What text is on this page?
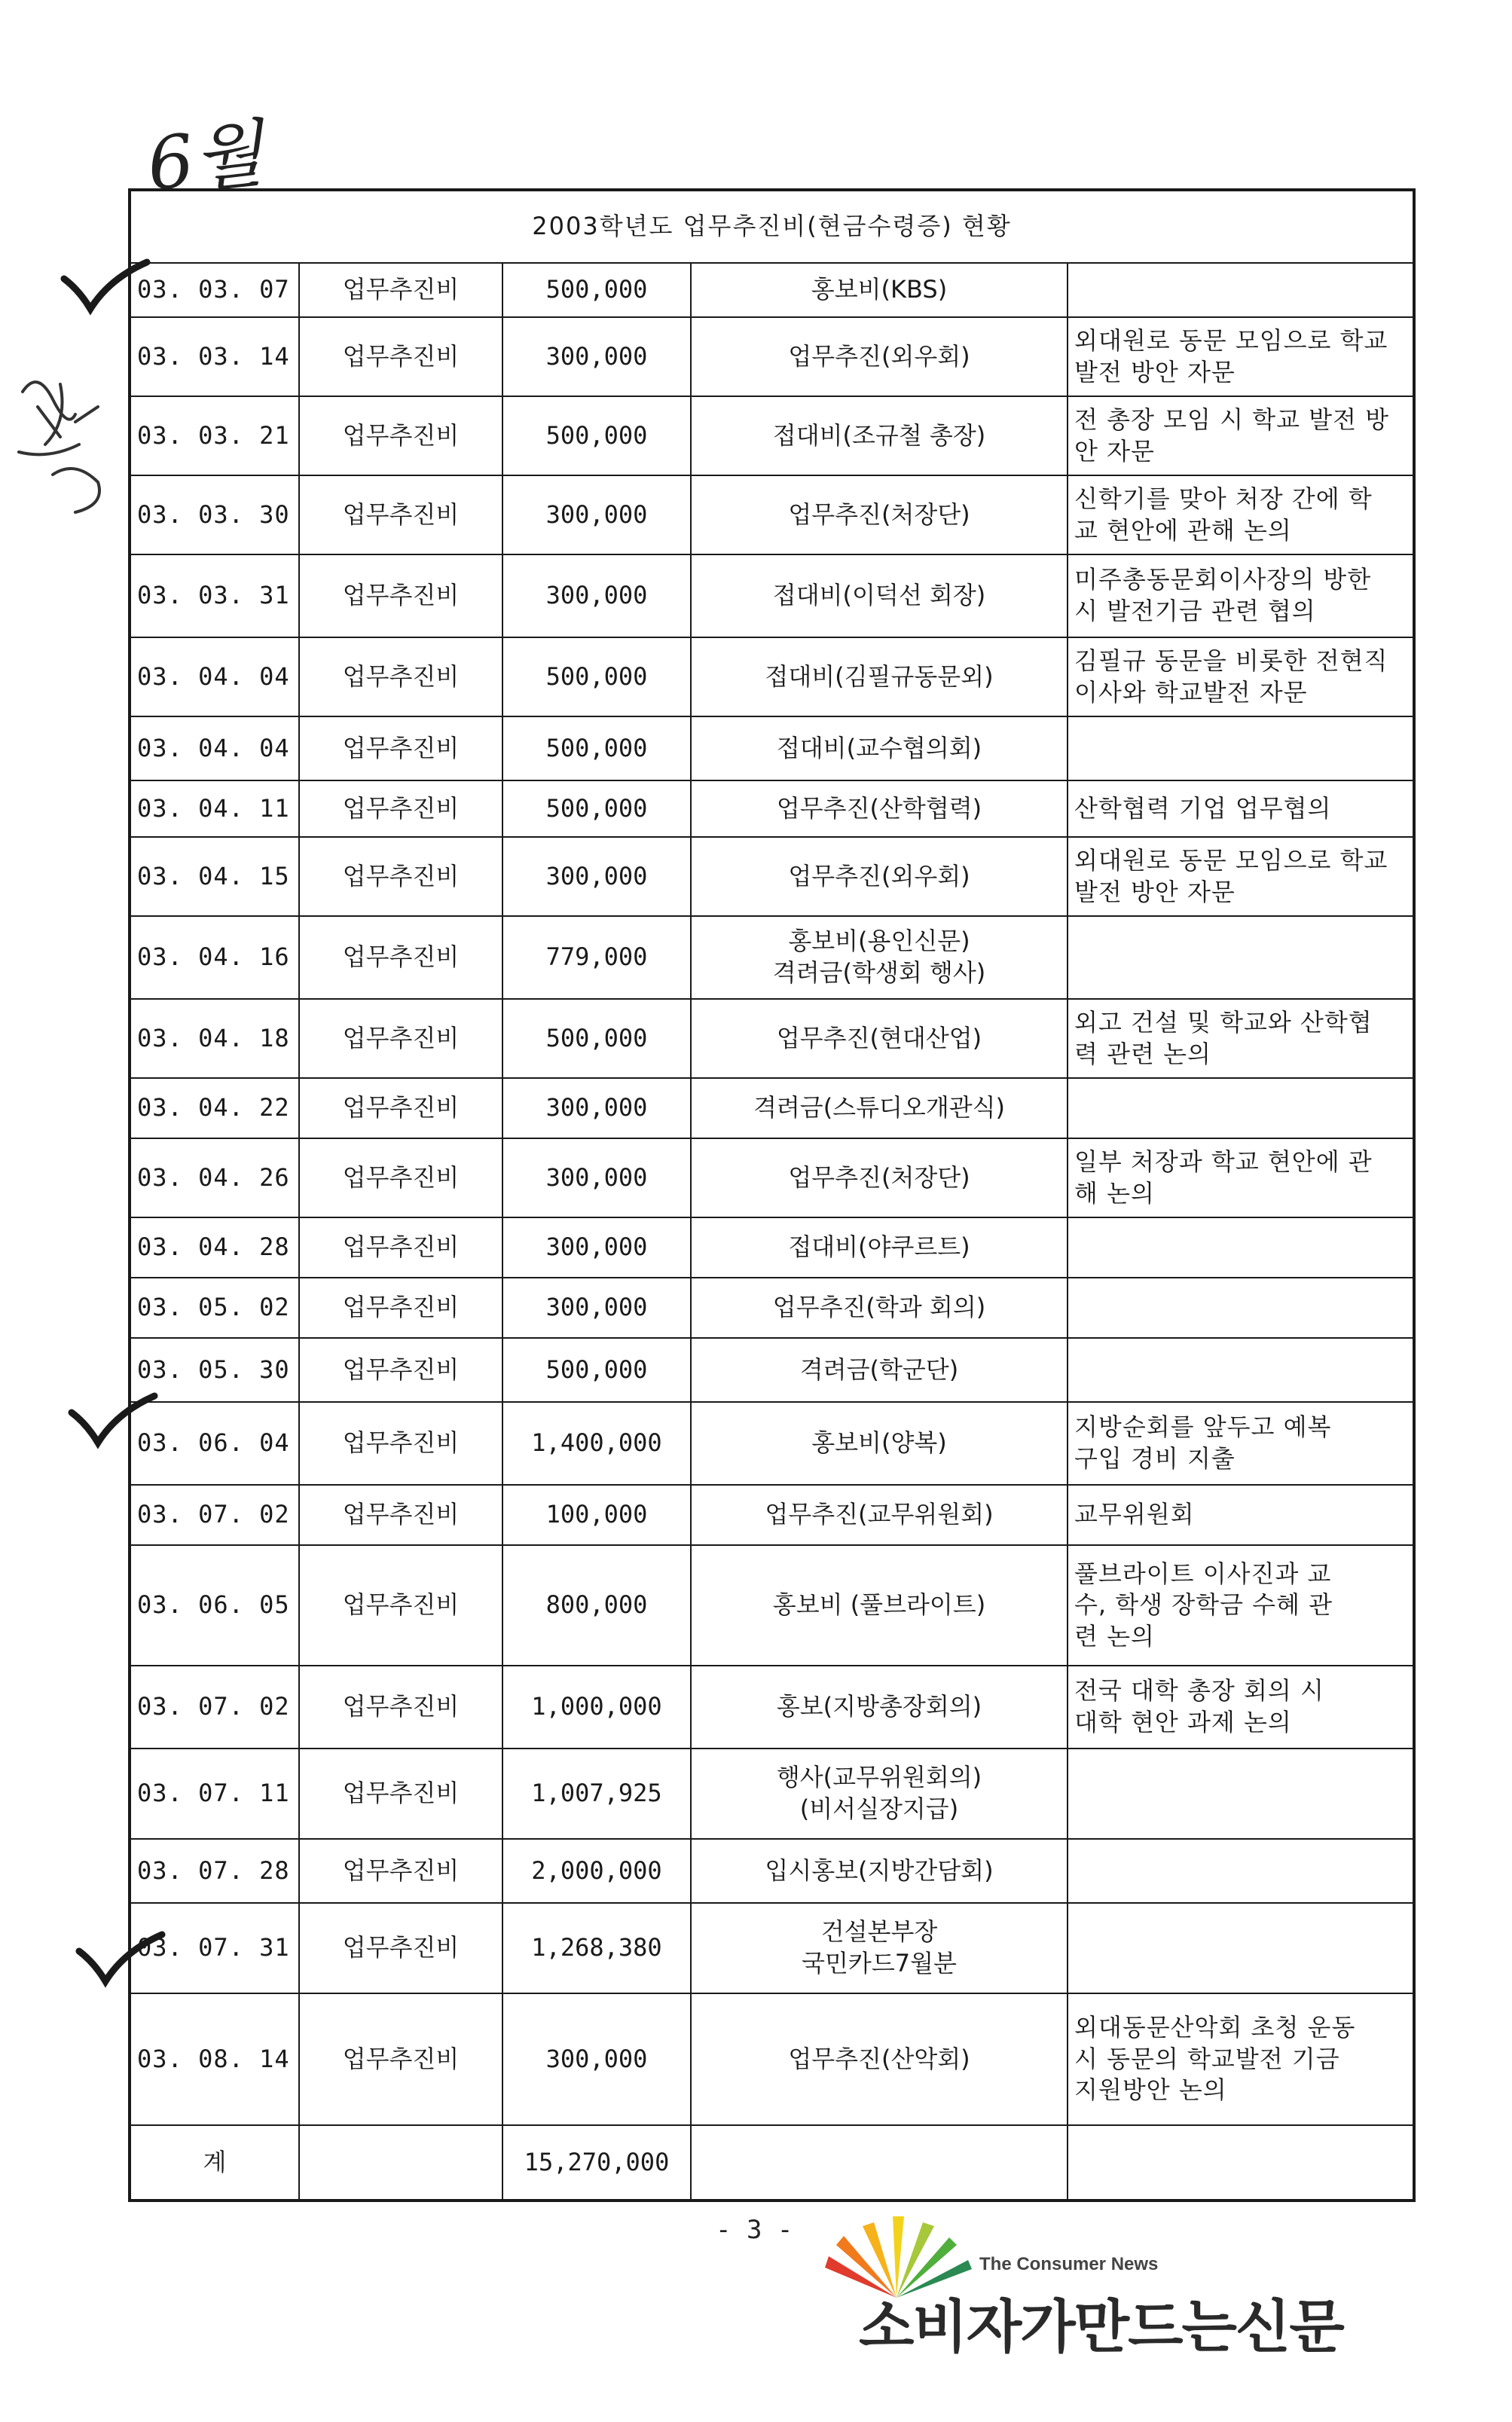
6월
2003학년도 업무추진비(현금수령증) 현황				
03. 03. 07	업무추진비	500,000	홍보비(KBS)	
03. 03. 14	업무추진비	300,000	업무추진(외우회)	외대원로 동문 모임으로 학교
발전 방안 자문
03. 03. 21	업무추진비	500,000	접대비(조규철 총장)	전 총장 모임 시 학교 발전 방
안 자문
03. 03. 30	업무추진비	300,000	업무추진(처장단)	신학기를 맞아 처장 간에 학
교 현안에 관해 논의
03. 03. 31	업무추진비	300,000	접대비(이덕선 회장)	미주총동문회이사장의 방한
시 발전기금 관련 협의
03. 04. 04	업무추진비	500,000	접대비(김필규동문외)	김필규 동문을 비롯한 전현직
이사와 학교발전 자문
03. 04. 04	업무추진비	500,000	접대비(교수협의회)	
03. 04. 11	업무추진비	500,000	업무추진(산학협력)	산학협력 기업 업무협의
03. 04. 15	업무추진비	300,000	업무추진(외우회)	외대원로 동문 모임으로 학교
발전 방안 자문
03. 04. 16	업무추진비	779,000	홍보비(용인신문)
격려금(학생회 행사)	
03. 04. 18	업무추진비	500,000	업무추진(현대산업)	외고 건설 및 학교와 산학협
력 관련 논의
03. 04. 22	업무추진비	300,000	격려금(스튜디오개관식)	
03. 04. 26	업무추진비	300,000	업무추진(처장단)	일부 처장과 학교 현안에 관
해 논의
03. 04. 28	업무추진비	300,000	접대비(야쿠르트)	
03. 05. 02	업무추진비	300,000	업무추진(학과 회의)	
03. 05. 30	업무추진비	500,000	격려금(학군단)	
03. 06. 04	업무추진비	1,400,000	홍보비(양복)	지방순회를 앞두고 예복
구입 경비 지출
03. 07. 02	업무추진비	100,000	업무추진(교무위원회)	교무위원회
03. 06. 05	업무추진비	800,000	홍보비 (풀브라이트)	풀브라이트 이사진과 교
수, 학생 장학금 수혜 관
련 논의
03. 07. 02	업무추진비	1,000,000	홍보(지방총장회의)	전국 대학 총장 회의 시
대학 현안 과제 논의
03. 07. 11	업무추진비	1,007,925	행사(교무위원회의)
(비서실장지급)	
03. 07. 28	업무추진비	2,000,000	입시홍보(지방간담회)	
03. 07. 31	업무추진비	1,268,380	건설본부장
국민카드7월분	
03. 08. 14	업무추진비	300,000	업무추진(산악회)	외대동문산악회 초청 운동
시 동문의 학교발전 기금
지원방안 논의
계		15,270,000		
- 3 -
The Consumer News
소비자가만드는신문
